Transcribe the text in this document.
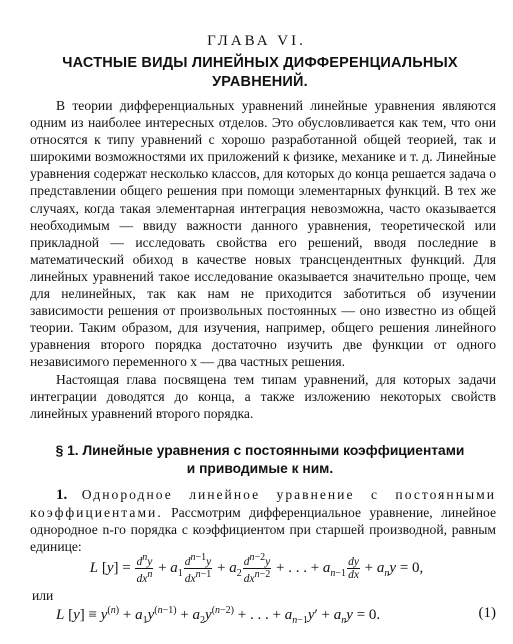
ГЛАВА VI.
ЧАСТНЫЕ ВИДЫ ЛИНЕЙНЫХ ДИФФЕРЕНЦИАЛЬНЫХ
УРАВНЕНИЙ.

В теории дифференциальных уравнений линейные уравнения являются одним из наиболее интересных отделов. Это обусловливается как тем, что они относятся к типу уравнений с хорошо разработанной общей теорией, так и широкими возможностями их приложений к физике, механике и т. д. Линейные уравнения содержат несколько классов, для которых до конца решается задача о представлении общего решения при помощи элементарных функций. В тех же случаях, когда такая элементарная интеграция невозможна, часто оказывается необходимым — ввиду важности данного уравнения, теоретической или прикладной — исследовать свойства его решений, вводя последние в математический обиход в качестве новых трансцендентных функций. Для линейных уравнений такое исследование оказывается значительно проще, чем для нелинейных, так как нам не приходится заботиться об изучении зависимости решения от произвольных постоянных — оно известно из общей теории. Таким образом, для изучения, например, общего решения линейного уравнения второго порядка достаточно изучить две функции от одного независимого переменного x — два частных решения.

Настоящая глава посвящена тем типам уравнений, для которых задачи интеграции доводятся до конца, а также изложению некоторых свойств линейных уравнений второго порядка.

§ 1. Линейные уравнения с постоянными коэффициентами
и приводимые к ним.

1. Однородное линейное уравнение с постоянными коэффициентами. Рассмотрим дифференциальное уравнение, линейное однородное n-го порядка с коэффициентом при старшей производной, равным единице:

L $[y] = \frac{d^ny}{dx^n} + a_1 \frac{d^{n-1}y}{dx^{n-1}} + a_2 \frac{d^{n-2}y}{dx^{n-2}}$ + . . . + $a_{n-1} \frac{dy}{dx} + a_ny = 0$,
или
L $[y] \equiv y^{(n)} + a_1y^{(n-1)} + a_2y^{(n-2)}$ + . . . + $a_{n-1}y' + a_ny = 0$.	(1)
